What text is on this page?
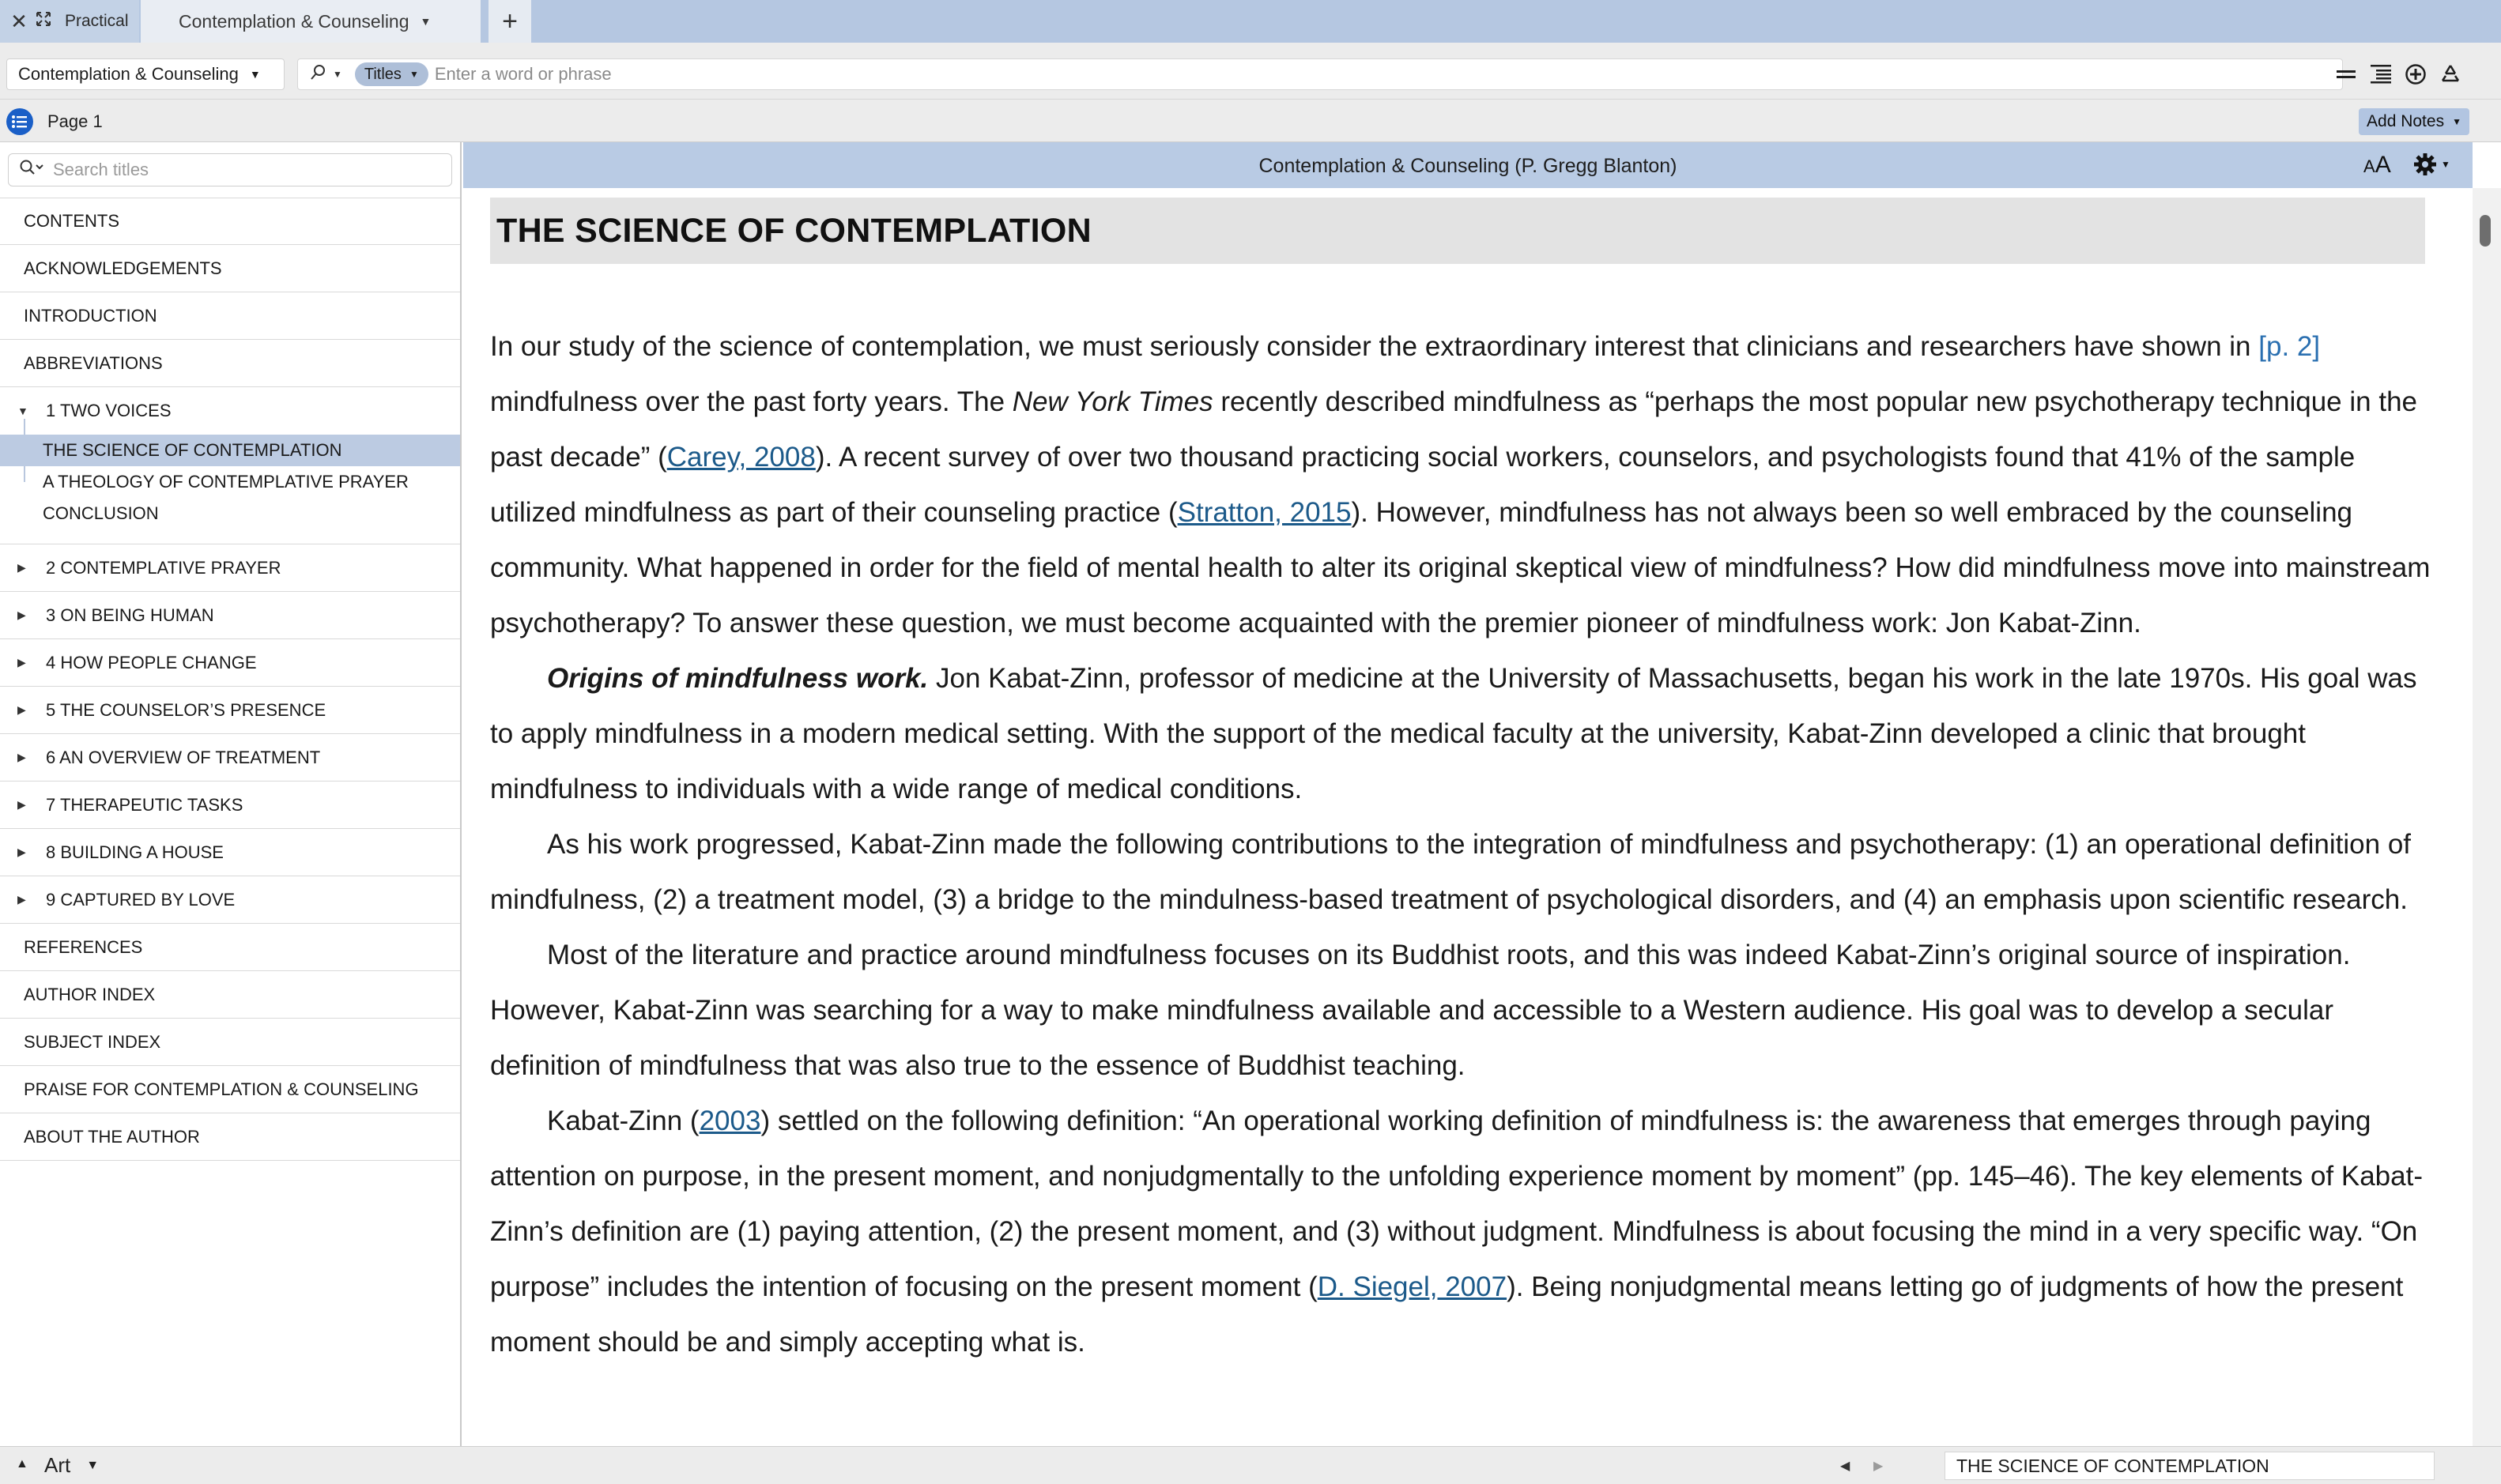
✕ Practical	Contemplation & Counseling ▼	+
Contemplation & Counseling ▼	▼ Titles ▼
Enter a word or phrase
Page 1	Add Notes ▼
Search titles
CONTENTS
ACKNOWLEDGEMENTS
INTRODUCTION
ABBREVIATIONS
▼ 1 TWO VOICES
THE SCIENCE OF CONTEMPLATION
A THEOLOGY OF CONTEMPLATIVE PRAYER
CONCLUSION
▶ 2 CONTEMPLATIVE PRAYER
▶ 3 ON BEING HUMAN
▶ 4 HOW PEOPLE CHANGE
▶ 5 THE COUNSELOR’S PRESENCE
▶ 6 AN OVERVIEW OF TREATMENT
▶ 7 THERAPEUTIC TASKS
▶ 8 BUILDING A HOUSE
▶ 9 CAPTURED BY LOVE
REFERENCES
AUTHOR INDEX
SUBJECT INDEX
PRAISE FOR CONTEMPLATION & COUNSELING
ABOUT THE AUTHOR
Contemplation & Counseling (P. Gregg Blanton)	AA	▼
THE SCIENCE OF CONTEMPLATION

In our study of the science of contemplation, we must seriously consider the extraordinary interest that clinicians and researchers have shown in [p. 2] mindfulness over the past forty years. The New York Times recently described mindfulness as “perhaps the most popular new psychotherapy technique in the past decade” (Carey, 2008). A recent survey of over two thousand practicing social workers, counselors, and psychologists found that 41% of the sample utilized mindfulness as part of their counseling practice (Stratton, 2015). However, mindfulness has not always been so well embraced by the counseling community. What happened in order for the field of mental health to alter its original skeptical view of mindfulness? How did mindfulness move into mainstream psychotherapy? To answer these question, we must become acquainted with the premier pioneer of mindfulness work: Jon Kabat-Zinn.

Origins of mindfulness work. Jon Kabat-Zinn, professor of medicine at the University of Massachusetts, began his work in the late 1970s. His goal was to apply mindfulness in a modern medical setting. With the support of the medical faculty at the university, Kabat-Zinn developed a clinic that brought mindfulness to individuals with a wide range of medical conditions.

As his work progressed, Kabat-Zinn made the following contributions to the integration of mindfulness and psychotherapy: (1) an operational definition of mindfulness, (2) a treatment model, (3) a bridge to the mindulness-based treatment of psychological disorders, and (4) an emphasis upon scientific research.

Most of the literature and practice around mindfulness focuses on its Buddhist roots, and this was indeed Kabat-Zinn’s original source of inspiration. However, Kabat-Zinn was searching for a way to make mindfulness available and accessible to a Western audience. His goal was to develop a secular definition of mindfulness that was also true to the essence of Buddhist teaching.

Kabat-Zinn (2003) settled on the following definition: “An operational working definition of mindfulness is: the awareness that emerges through paying attention on purpose, in the present moment, and nonjudgmentally to the unfolding experience moment by moment” (pp. 145–46). The key elements of Kabat-Zinn’s definition are (1) paying attention, (2) the present moment, and (3) without judgment. Mindfulness is about focusing the mind in a very specific way. “On purpose” includes the intention of focusing on the present moment (D. Siegel, 2007). Being nonjudgmental means letting go of judgments of how the present moment should be and simply accepting what is.

▲ Art ▼	◀ ▶	THE SCIENCE OF CONTEMPLATION
